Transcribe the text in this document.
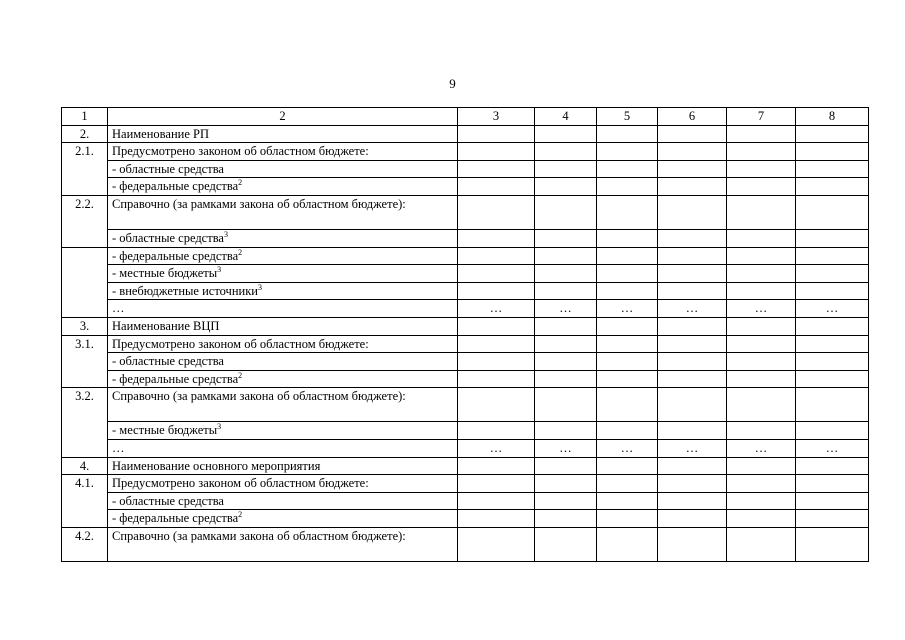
9
1	2	3	4	5	6	7	8
2.	Наименование РП						
2.1.	Предусмотрено законом об областном бюджете:						
	- областные средства						
	- федеральные средства$^2$						
2.2.	Справочно (за рамками закона об областном бюджете):						
	- областные средства$^3$						
	- федеральные средства$^2$						
	- местные бюджеты$^3$						
	- внебюджетные источники$^3$						
	…	…	…	…	…	…	…
3.	Наименование ВЦП						
3.1.	Предусмотрено законом об областном бюджете:						
	- областные средства						
	- федеральные средства$^2$						
3.2.	Справочно (за рамками закона об областном бюджете):						
	- местные бюджеты$^3$						
	…	…	…	…	…	…	…
4.	Наименование основного мероприятия						
4.1.	Предусмотрено законом об областном бюджете:						
	- областные средства						
	- федеральные средства$^2$						
4.2.	Справочно (за рамками закона об областном бюджете):						
